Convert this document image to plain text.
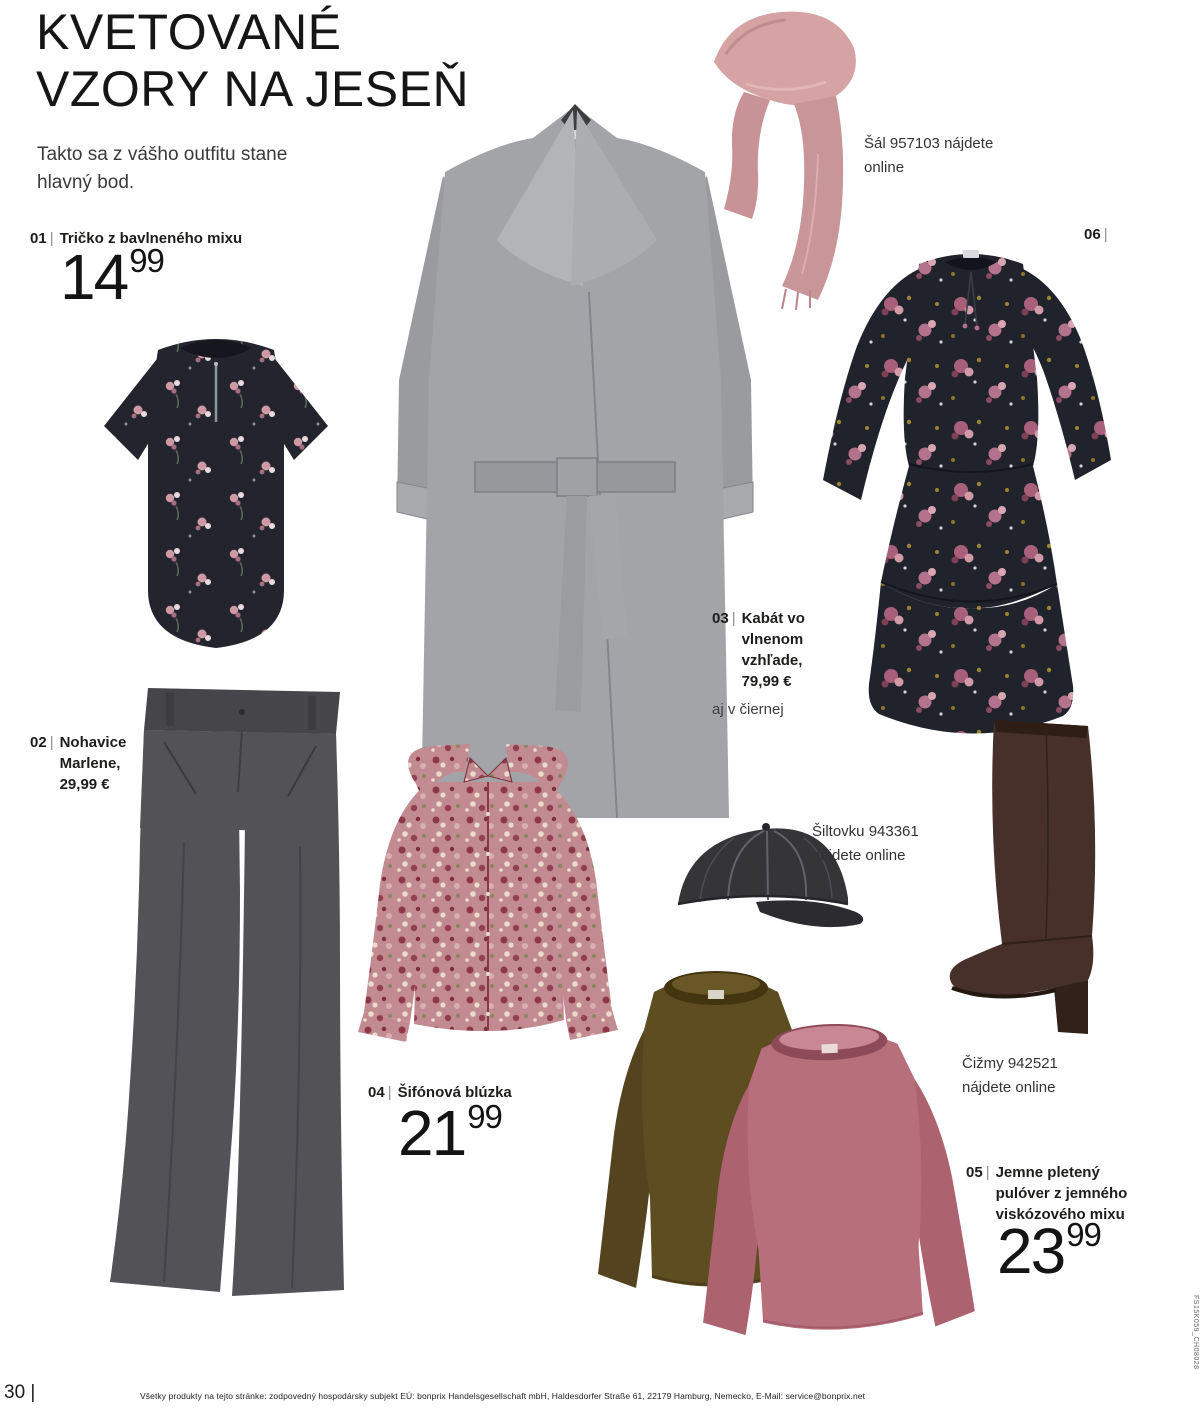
KVETOVANÉ
VZORY NA JESEŇ
Takto sa z vášho outfitu stane
hlavný bod.
01 | Tričko z bavlneného mixu
1499
Šál 957103 nájdete
online
06 |
03 | Kabát vo
vlnenom
vzhľade,
79,99 €
aj v čiernej
02 | Nohavice
Marlene,
29,99 €
04 | Šifónová blúzka
2199
Šiltovku 943361
nájdete online
Čižmy 942521
nájdete online
05 | Jemne pletený
pulóver z jemného
viskózového mixu
2399
30 |	Všetky produkty na tejto stránke: zodpovedný hospodársky subjekt EÚ: bonprix Handelsgesellschaft mbH, Haldesdorfer Straße 61, 22179 Hamburg, Nemecko, E-Mail: service@bonprix.net
FS15K059_CH08028
